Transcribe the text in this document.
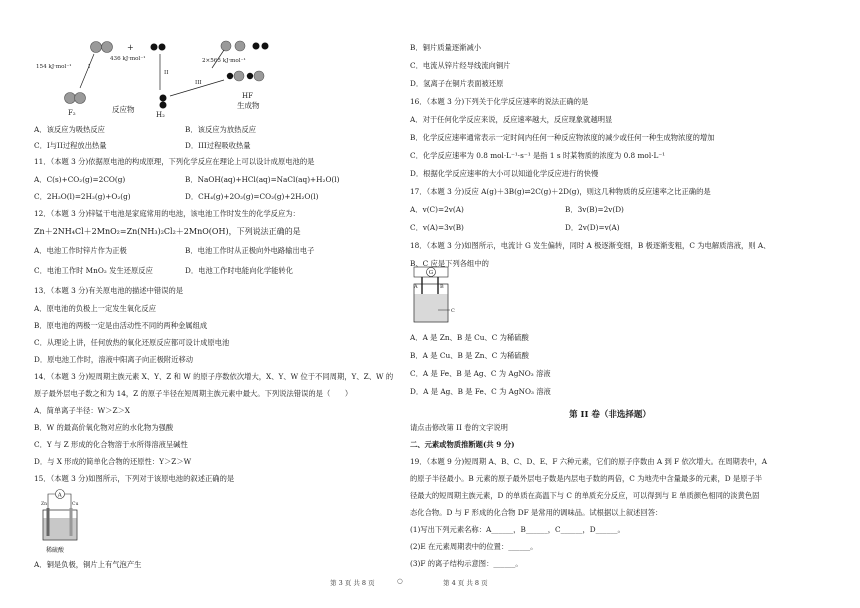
154 kJ·mol⁻¹	I
+
436 kJ·mol⁻¹
II
2×565 kJ·mol⁻¹
III
F₂	反应物
H₂
HF
生成物
A．该反应为吸热反应	B．该反应为放热反应
C．I与II过程放出热量	D．III过程吸收热量
11．（本题 3 分)依据原电池的构成原理，下列化学反应在理论上可以设计成原电池的是
A．C(s)+CO₂(g)=2CO(g)	B．NaOH(aq)+HCl(aq)=NaCl(aq)+H₂O(l)
C．2H₂O(l)=2H₂(g)+O₂(g)	D．CH₄(g)+2O₂(g)=CO₂(g)+2H₂O(l)
12．（本题 3 分)锌锰干电池是家庭常用的电池，该电池工作时发生的化学反应为：
Zn＋2NH₄Cl＋2MnO₂=Zn(NH₃)₂Cl₂＋2MnO(OH)，下列说法正确的是
A．电池工作时锌片作为正极	B．电池工作时从正极向外电路输出电子
C．电池工作时 MnO₂ 发生还原反应	D．电池工作时电能向化学能转化
13．（本题 3 分)有关原电池的描述中错误的是
A．原电池的负极上一定发生氧化反应
B．原电池的两极一定是由活动性不同的两种金属组成
C．从理论上讲，任何放热的氧化还原反应都可设计成原电池
D．原电池工作时，溶液中阳离子向正极附近移动
14．（本题 3 分)短周期主族元素 X、Y、Z 和 W 的原子序数依次增大，X、Y、W 位于不同周期，Y、Z、W 的
原子最外层电子数之和为 14，Z 的原子半径在短周期主族元素中最大。下列说法错误的是（　　）
A．简单离子半径：W＞Z＞X
B．W 的最高价氧化物对应的水化物为强酸
C．Y 与 Z 形成的化合物溶于水所得溶液呈碱性
D．与 X 形成的简单化合物的还原性：Y＞Z＞W
15．（本题 3 分)如图所示，下列对于该原电池的叙述正确的是
A
Zn	Cu
稀硫酸
A．铜是负极，铜片上有气泡产生
B．铜片质量逐渐减小
C．电流从锌片经导线流向铜片
D．氢离子在铜片表面被还原
16．（本题 3 分)下列关于化学反应速率的说法正确的是
A．对于任何化学反应来说，反应速率越大，反应现象就越明显
B．化学反应速率通常表示一定时间内任何一种反应物浓度的减少或任何一种生成物浓度的增加
C．化学反应速率为 0.8 mol·L⁻¹·s⁻¹ 是指 1 s 时某物质的浓度为 0.8 mol·L⁻¹
D．根据化学反应速率的大小可以知道化学反应进行的快慢
17．（本题 3 分)反应 A(g)＋3B(g)⇌2C(g)＋2D(g)，则这几种物质的反应速率之比正确的是
A．v(C)=2v(A)	B．3v(B)=2v(D)
C．v(A)=3v(B)	D．2v(D)=v(A)
18．（本题 3 分)如图所示，电流计 G 发生偏转，同时 A 极逐渐变细，B 极逐渐变粗，C 为电解质溶液，则 A、
B、C 应是下列各组中的
G
A	B
C
A．A 是 Zn、B 是 Cu、C 为稀硫酸
B．A 是 Cu、B 是 Zn、C 为稀硫酸
C．A 是 Fe、B 是 Ag、C 为 AgNO₃ 溶液
D．A 是 Ag、B 是 Fe、C 为 AgNO₃ 溶液
第 II 卷（非选择题）
请点击修改第 II 卷的文字说明
二、元素或物质推断题(共 9 分)
19．（本题 9 分)短周期 A、B、C、D、E、F 六种元素，它们的原子序数由 A 到 F 依次增大。在周期表中，A
的原子半径最小。B 元素的原子最外层电子数是内层电子数的两倍，C 为地壳中含量最多的元素，D 是原子半
径最大的短周期主族元素，D 的单质在高温下与 C 的单质充分反应，可以得到与 E 单质颜色相同的淡黄色固
态化合物。D 与 F 形成的化合物 DF 是常用的调味品。试根据以上叙述回答：
(1)写出下列元素名称：A______，B______，C______，D______。
(2)E 在元素周期表中的位置：______。
(3)F 的离子结构示意图：______。
第 3 页 共 8 页	○	第 4 页 共 8 页
